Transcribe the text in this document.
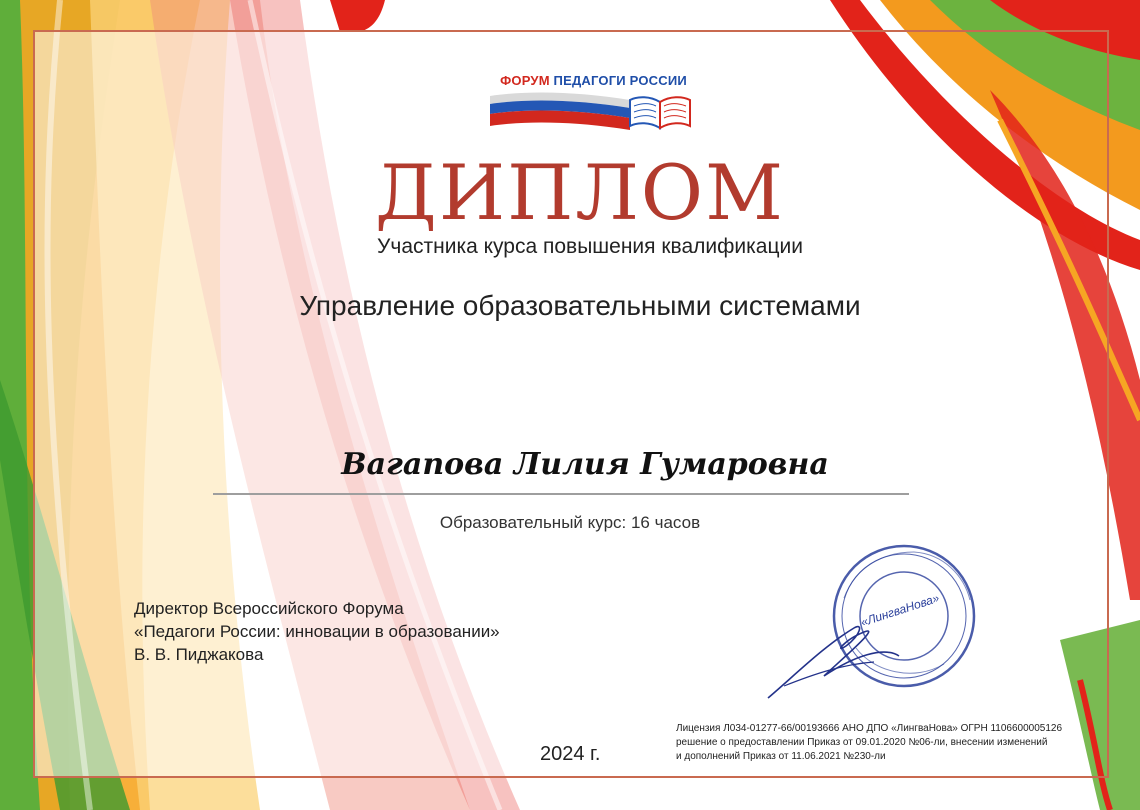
ФОРУМ ПЕДАГОГИ РОССИИ
ДИПЛОМ
Участника курса повышения квалификации
Управление образовательными системами
Вагапова Лилия Гумаровна
Образовательный курс: 16 часов
Директор Всероссийского Форума
«Педагоги России: инновации в образовании»
В. В. Пиджакова
«ЛингваНова»
2024 г.
Лицензия Л034-01277-66/00193666 АНО ДПО «ЛингваНова» ОГРН 1106600005126
решение о предоставлении Приказ от 09.01.2020 №06-ли, внесении изменений
и дополнений Приказ от 11.06.2021 №230-ли
